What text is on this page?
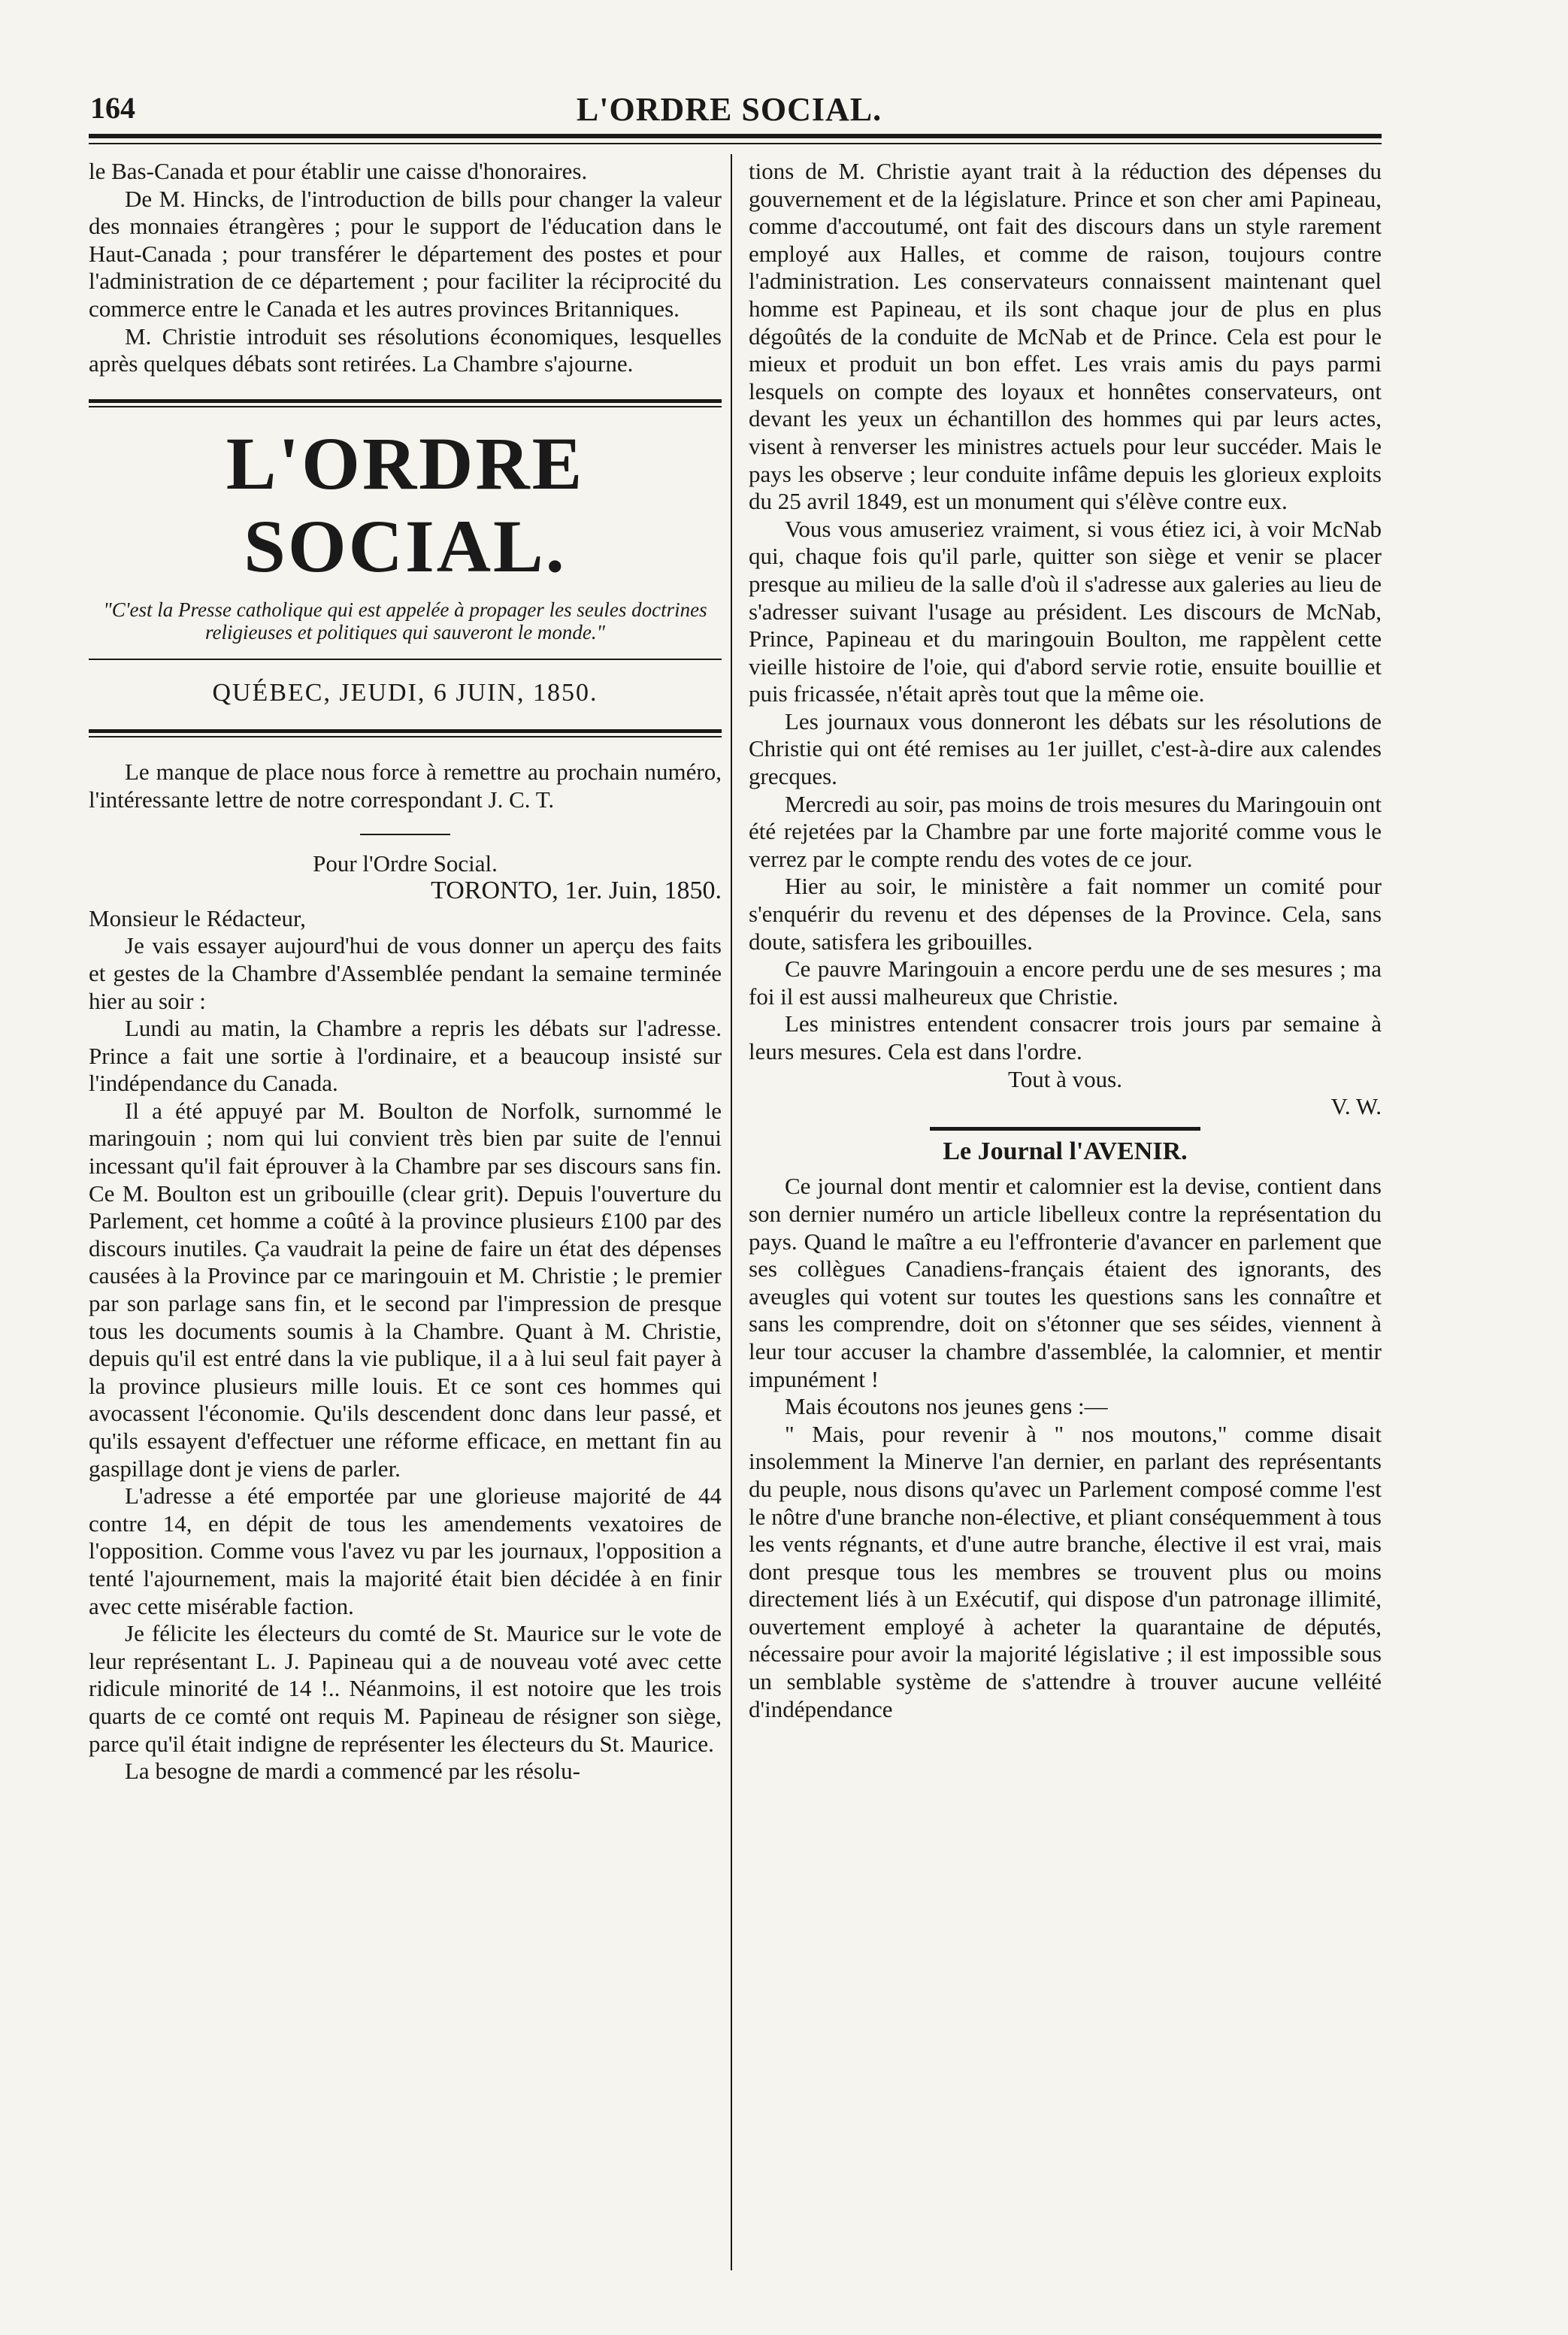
164	L'ORDRE SOCIAL.

le Bas-Canada et pour établir une caisse d'honoraires.

De M. Hincks, de l'introduction de bills pour changer la valeur des monnaies étrangères ; pour le support de l'éducation dans le Haut-Canada ; pour transférer le département des postes et pour l'administration de ce département ; pour faciliter la réciprocité du commerce entre le Canada et les autres provinces Britanniques.

M. Christie introduit ses résolutions économiques, lesquelles après quelques débats sont retirées. La Chambre s'ajourne.

L'ORDRE SOCIAL.
"C'est la Presse catholique qui est appelée à propager les seules doctrines religieuses et politiques qui sauveront le monde."
QUÉBEC, JEUDI, 6 JUIN, 1850.

Le manque de place nous force à remettre au prochain numéro, l'intéressante lettre de notre correspondant J. C. T.

Pour l'Ordre Social.

TORONTO, 1er. Juin, 1850.

Monsieur le Rédacteur,

Je vais essayer aujourd'hui de vous donner un aperçu des faits et gestes de la Chambre d'Assemblée pendant la semaine terminée hier au soir :

Lundi au matin, la Chambre a repris les débats sur l'adresse. Prince a fait une sortie à l'ordinaire, et a beaucoup insisté sur l'indépendance du Canada.

Il a été appuyé par M. Boulton de Norfolk, surnommé le maringouin ; nom qui lui convient très bien par suite de l'ennui incessant qu'il fait éprouver à la Chambre par ses discours sans fin. Ce M. Boulton est un gribouille (clear grit). Depuis l'ouverture du Parlement, cet homme a coûté à la province plusieurs £100 par des discours inutiles. Ça vaudrait la peine de faire un état des dépenses causées à la Province par ce maringouin et M. Christie ; le premier par son parlage sans fin, et le second par l'impression de presque tous les documents soumis à la Chambre. Quant à M. Christie, depuis qu'il est entré dans la vie publique, il a à lui seul fait payer à la province plusieurs mille louis. Et ce sont ces hommes qui avocassent l'économie. Qu'ils descendent donc dans leur passé, et qu'ils essayent d'effectuer une réforme efficace, en mettant fin au gaspillage dont je viens de parler.

L'adresse a été emportée par une glorieuse majorité de 44 contre 14, en dépit de tous les amendements vexatoires de l'opposition. Comme vous l'avez vu par les journaux, l'opposition a tenté l'ajournement, mais la majorité était bien décidée à en finir avec cette misérable faction.

Je félicite les électeurs du comté de St. Maurice sur le vote de leur représentant L. J. Papineau qui a de nouveau voté avec cette ridicule minorité de 14 !.. Néanmoins, il est notoire que les trois quarts de ce comté ont requis M. Papineau de résigner son siège, parce qu'il était indigne de représenter les électeurs du St. Maurice.

La besogne de mardi a commencé par les résolu-

tions de M. Christie ayant trait à la réduction des dépenses du gouvernement et de la législature. Prince et son cher ami Papineau, comme d'accoutumé, ont fait des discours dans un style rarement employé aux Halles, et comme de raison, toujours contre l'administration. Les conservateurs connaissent maintenant quel homme est Papineau, et ils sont chaque jour de plus en plus dégoûtés de la conduite de McNab et de Prince. Cela est pour le mieux et produit un bon effet. Les vrais amis du pays parmi lesquels on compte des loyaux et honnêtes conservateurs, ont devant les yeux un échantillon des hommes qui par leurs actes, visent à renverser les ministres actuels pour leur succéder. Mais le pays les observe ; leur conduite infâme depuis les glorieux exploits du 25 avril 1849, est un monument qui s'élève contre eux.

Vous vous amuseriez vraiment, si vous étiez ici, à voir McNab qui, chaque fois qu'il parle, quitter son siège et venir se placer presque au milieu de la salle d'où il s'adresse aux galeries au lieu de s'adresser suivant l'usage au président. Les discours de McNab, Prince, Papineau et du maringouin Boulton, me rappèlent cette vieille histoire de l'oie, qui d'abord servie rotie, ensuite bouillie et puis fricassée, n'était après tout que la même oie.

Les journaux vous donneront les débats sur les résolutions de Christie qui ont été remises au 1er juillet, c'est-à-dire aux calendes grecques.

Mercredi au soir, pas moins de trois mesures du Maringouin ont été rejetées par la Chambre par une forte majorité comme vous le verrez par le compte rendu des votes de ce jour.

Hier au soir, le ministère a fait nommer un comité pour s'enquérir du revenu et des dépenses de la Province. Cela, sans doute, satisfera les gribouilles.

Ce pauvre Maringouin a encore perdu une de ses mesures ; ma foi il est aussi malheureux que Christie.

Les ministres entendent consacrer trois jours par semaine à leurs mesures. Cela est dans l'ordre.

Tout à vous.

V. W.

Le Journal l'AVENIR.

Ce journal dont mentir et calomnier est la devise, contient dans son dernier numéro un article libelleux contre la représentation du pays. Quand le maître a eu l'effronterie d'avancer en parlement que ses collègues Canadiens-français étaient des ignorants, des aveugles qui votent sur toutes les questions sans les connaître et sans les comprendre, doit on s'étonner que ses séides, viennent à leur tour accuser la chambre d'assemblée, la calomnier, et mentir impunément !

Mais écoutons nos jeunes gens :—

" Mais, pour revenir à " nos moutons," comme disait insolemment la Minerve l'an dernier, en parlant des représentants du peuple, nous disons qu'avec un Parlement composé comme l'est le nôtre d'une branche non-élective, et pliant conséquemment à tous les vents régnants, et d'une autre branche, élective il est vrai, mais dont presque tous les membres se trouvent plus ou moins directement liés à un Exécutif, qui dispose d'un patronage illimité, ouvertement employé à acheter la quarantaine de députés, nécessaire pour avoir la majorité législative ; il est impossible sous un semblable système de s'attendre à trouver aucune velléité d'indépendance
